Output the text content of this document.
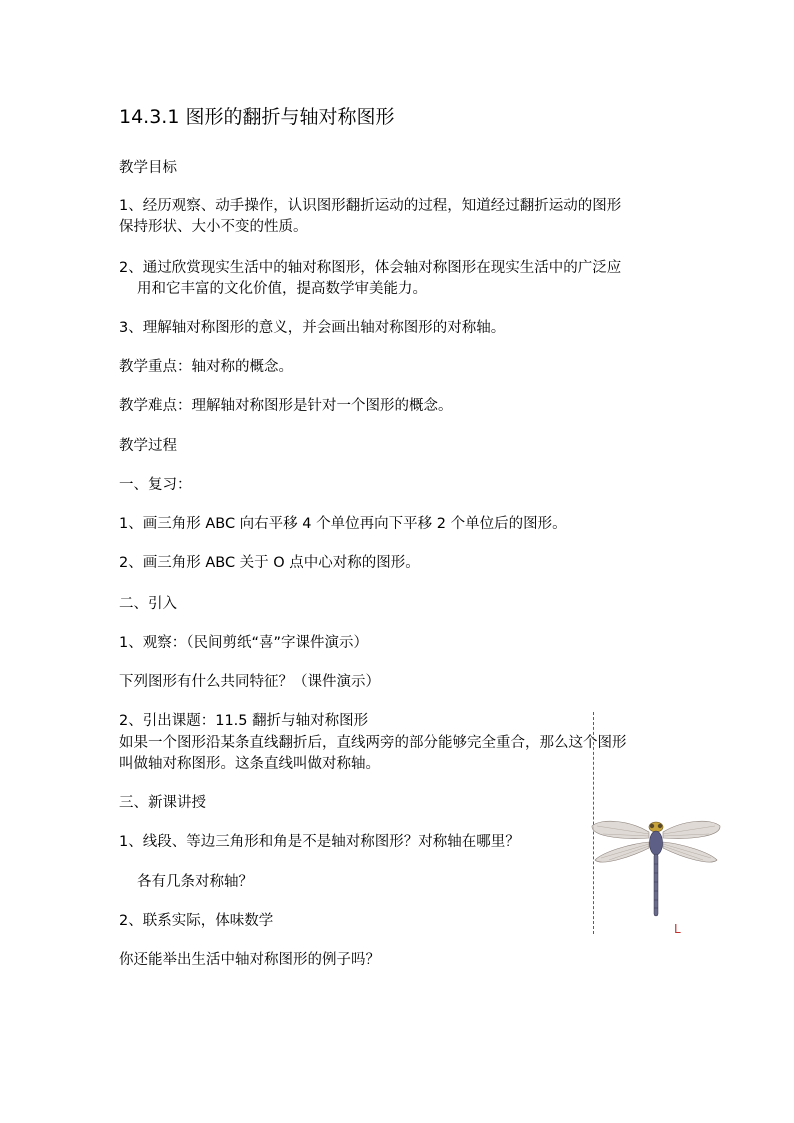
14.3.1 图形的翻折与轴对称图形
教学目标
1、经历观察、动手操作，认识图形翻折运动的过程，知道经过翻折运动的图形
保持形状、大小不变的性质。
2、通过欣赏现实生活中的轴对称图形，体会轴对称图形在现实生活中的广泛应
用和它丰富的文化价值，提高数学审美能力。
3、理解轴对称图形的意义，并会画出轴对称图形的对称轴。
教学重点：轴对称的概念。
教学难点：理解轴对称图形是针对一个图形的概念。
教学过程
一、复习：
1、画三角形 ABC 向右平移 4 个单位再向下平移 2 个单位后的图形。
2、画三角形 ABC 关于 O 点中心对称的图形。
二、引入
1、观察：（民间剪纸“喜”字课件演示）
下列图形有什么共同特征？（课件演示）
2、引出课题：11.5 翻折与轴对称图形
如果一个图形沿某条直线翻折后，直线两旁的部分能够完全重合，那么这个图形
叫做轴对称图形。这条直线叫做对称轴。
三、新课讲授
1、线段、等边三角形和角是不是轴对称图形？对称轴在哪里？
各有几条对称轴？
2、联系实际，体味数学
你还能举出生活中轴对称图形的例子吗？
L
